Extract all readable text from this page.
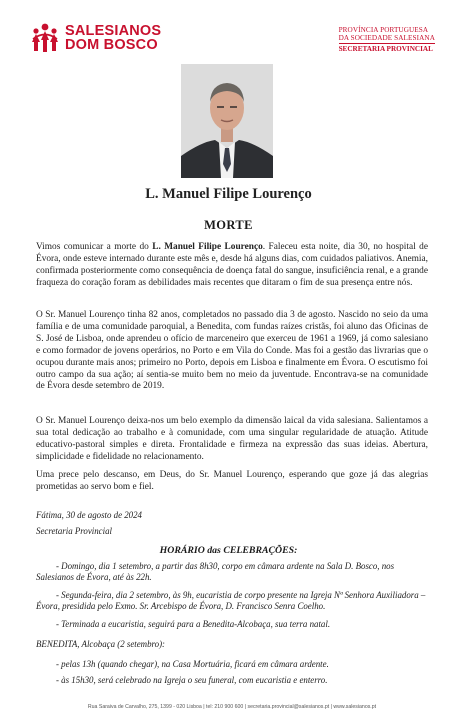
SALESIANOS
DOM BOSCO
PROVÍNCIA PORTUGUESA
DA SOCIEDADE SALESIANA
SECRETARIA PROVINCIAL
L. Manuel Filipe Lourenço
MORTE
Vimos comunicar a morte do L. Manuel Filipe Lourenço. Faleceu esta noite, dia 30, no hospital de Évora, onde esteve internado durante este mês e, desde há alguns dias, com cuidados paliativos. Anemia, confirmada posteriormente como consequência de doença fatal do sangue, insuficiência renal, e a grande fraqueza do coração foram as debilidades mais recentes que ditaram o fim de sua presença entre nós.
O Sr. Manuel Lourenço tinha 82 anos, completados no passado dia 3 de agosto. Nascido no seio da uma família e de uma comunidade paroquial, a Benedita, com fundas raízes cristãs, foi aluno das Oficinas de S. José de Lisboa, onde aprendeu o ofício de marceneiro que exerceu de 1961 a 1969, já como salesiano e como formador de jovens operários, no Porto e em Vila do Conde. Mas foi a gestão das livrarias que o ocupou durante mais anos; primeiro no Porto, depois em Lisboa e finalmente em Évora. O escutismo foi outro campo da sua ação; aí sentia-se muito bem no meio da juventude. Encontrava-se na comunidade de Évora desde setembro de 2019.
O Sr. Manuel Lourenço deixa-nos um belo exemplo da dimensão laical da vida salesiana. Salientamos a sua total dedicação ao trabalho e à comunidade, com uma singular regularidade de atuação. Atitude educativo-pastoral simples e direta. Frontalidade e firmeza na expressão das suas ideias. Abertura, simplicidade e fidelidade no relacionamento.
Uma prece pelo descanso, em Deus, do Sr. Manuel Lourenço, esperando que goze já das alegrias prometidas ao servo bom e fiel.
Fátima, 30 de agosto de 2024
Secretaria Provincial
HORÁRIO das CELEBRAÇÕES:
- Domingo, dia 1 setembro, a partir das 8h30, corpo em câmara ardente na Sala D. Bosco, nos Salesianos de Évora, até às 22h.
- Segunda-feira, dia 2 setembro, às 9h, eucaristia de corpo presente na Igreja Nª Senhora Auxiliadora – Évora, presidida pelo Exmo. Sr. Arcebispo de Évora, D. Francisco Senra Coelho.
- Terminada a eucaristia, seguirá para a Benedita-Alcobaça, sua terra natal.
BENEDITA, Alcobaça (2 setembro):
- pelas 13h (quando chegar), na Casa Mortuária, ficará em câmara ardente.
- às 15h30, será celebrado na Igreja o seu funeral, com eucaristia e enterro.
Rua Saraiva de Carvalho, 275, 1399 - 020 Lisboa | tel: 210 900 600 | secretaria.provincial@salesianos.pt | www.salesianos.pt
